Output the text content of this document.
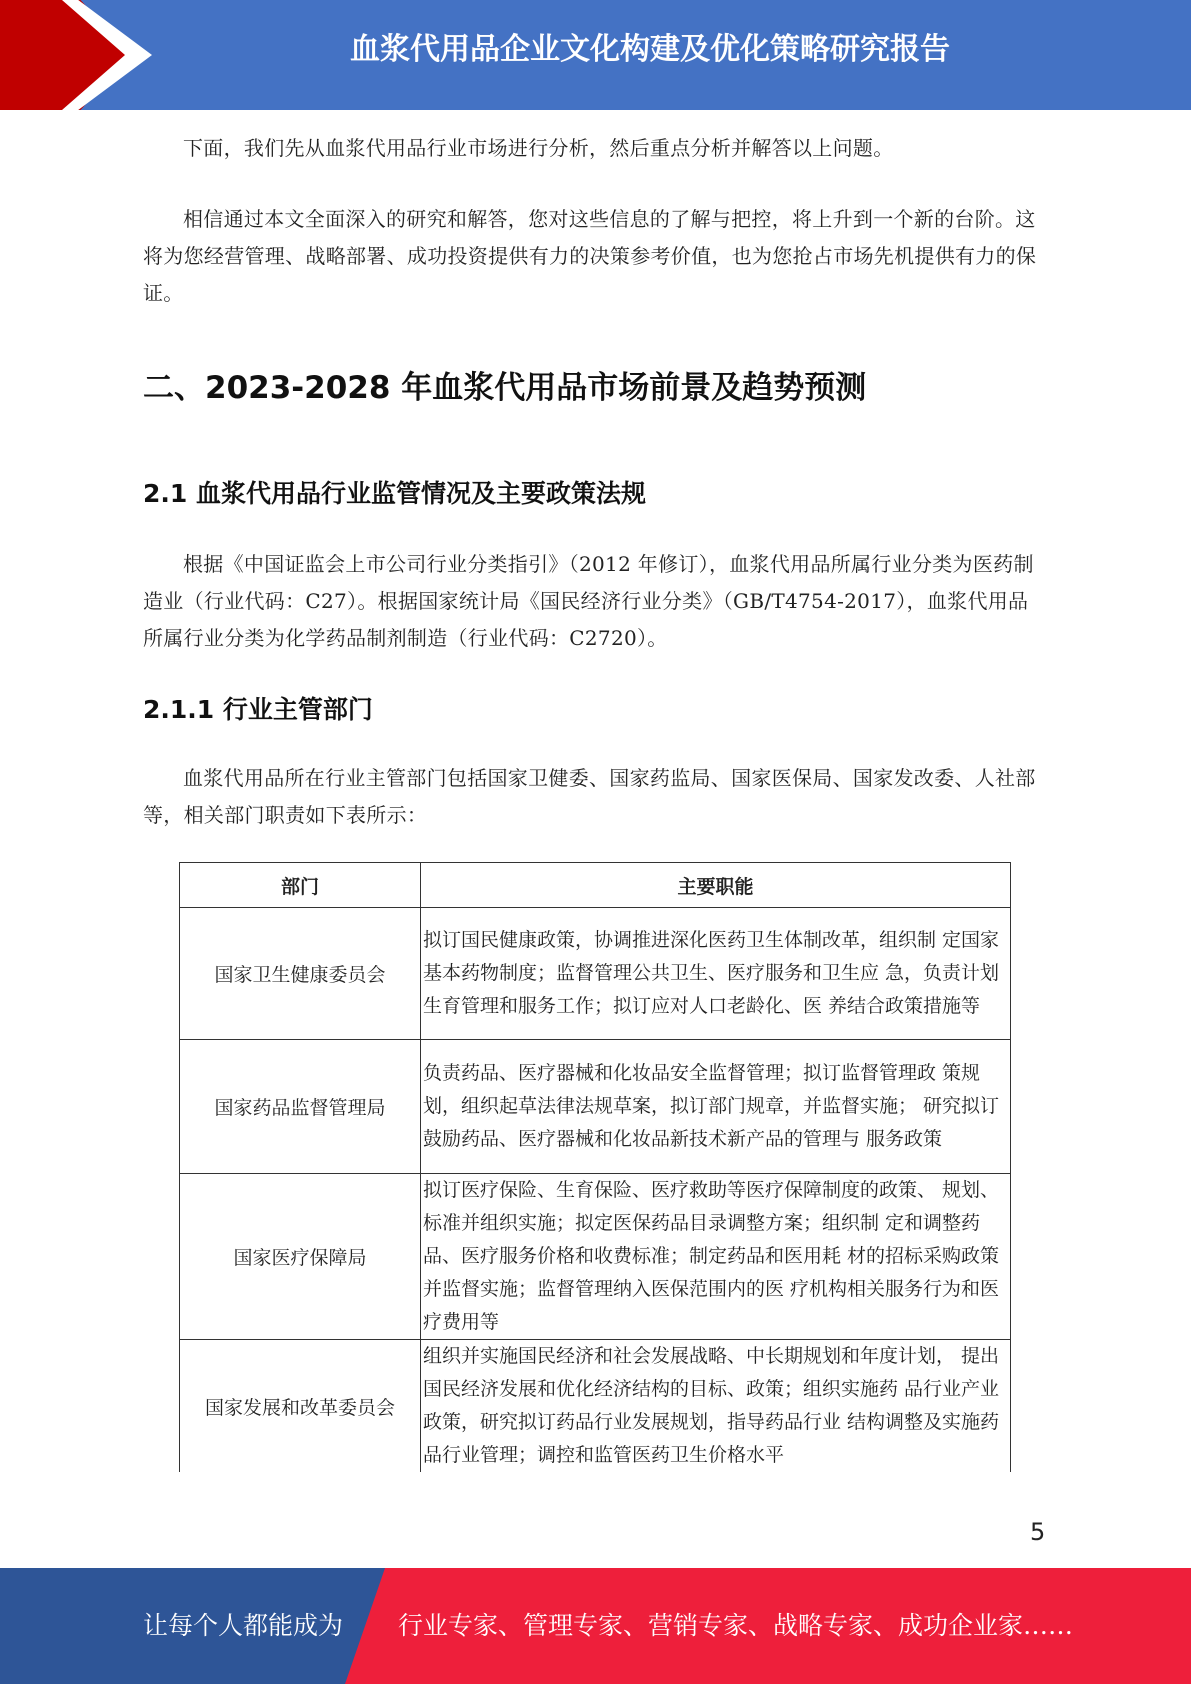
血浆代用品企业文化构建及优化策略研究报告

下面，我们先从血浆代用品行业市场进行分析，然后重点分析并解答以上问题。

相信通过本文全面深入的研究和解答，您对这些信息的了解与把控，将上升到一个新的台阶。这将为您经营管理、战略部署、成功投资提供有力的决策参考价值，也为您抢占市场先机提供有力的保证。

二、2023-2028 年血浆代用品市场前景及趋势预测
2.1 血浆代用品行业监管情况及主要政策法规

根据《中国证监会上市公司行业分类指引》（2012 年修订），血浆代用品所属行业分类为医药制造业（行业代码：C27）。根据国家统计局《国民经济行业分类》（GB/T4754-2017），血浆代用品所属行业分类为化学药品制剂制造（行业代码：C2720）。

2.1.1 行业主管部门

血浆代用品所在行业主管部门包括国家卫健委、国家药监局、国家医保局、国家发改委、人社部等，相关部门职责如下表所示：

部门	主要职能
国家卫生健康委员会	拟订国民健康政策，协调推进深化医药卫生体制改革，组织制 定国家基本药物制度；监督管理公共卫生、医疗服务和卫生应 急，负责计划生育管理和服务工作；拟订应对人口老龄化、医 养结合政策措施等
国家药品监督管理局	负责药品、医疗器械和化妆品安全监督管理；拟订监督管理政 策规划，组织起草法律法规草案，拟订部门规章，并监督实施； 研究拟订鼓励药品、医疗器械和化妆品新技术新产品的管理与 服务政策
国家医疗保障局	拟订医疗保险、生育保险、医疗救助等医疗保障制度的政策、 规划、标准并组织实施；拟定医保药品目录调整方案；组织制 定和调整药品、医疗服务价格和收费标准；制定药品和医用耗 材的招标采购政策并监督实施；监督管理纳入医保范围内的医 疗机构相关服务行为和医疗费用等
国家发展和改革委员会	组织并实施国民经济和社会发展战略、中长期规划和年度计划， 提出国民经济发展和优化经济结构的目标、政策；组织实施药 品行业产业政策，研究拟订药品行业发展规划，指导药品行业 结构调整及实施药品行业管理；调控和监管医药卫生价格水平
5
让每个人都能成为 行业专家、管理专家、营销专家、战略专家、成功企业家……
